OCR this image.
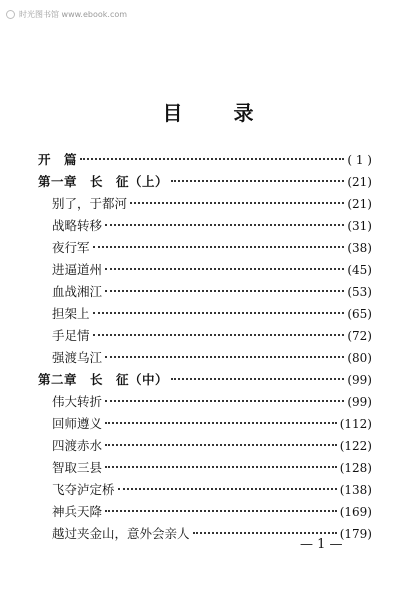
时光图书馆 www.ebook.com
目 录
开　篇	( 1 )
第一章　长　征（上）	(21)
别了，于都河	(21)
战略转移	(31)
夜行军	(38)
进逼道州	(45)
血战湘江	(53)
担架上	(65)
手足情	(72)
强渡乌江	(80)
第二章　长　征（中）	(99)
伟大转折	(99)
回师遵义	(112)
四渡赤水	(122)
智取三县	(128)
飞夺泸定桥	(138)
神兵天降	(169)
越过夹金山，意外会亲人	(179)
— 1 —
